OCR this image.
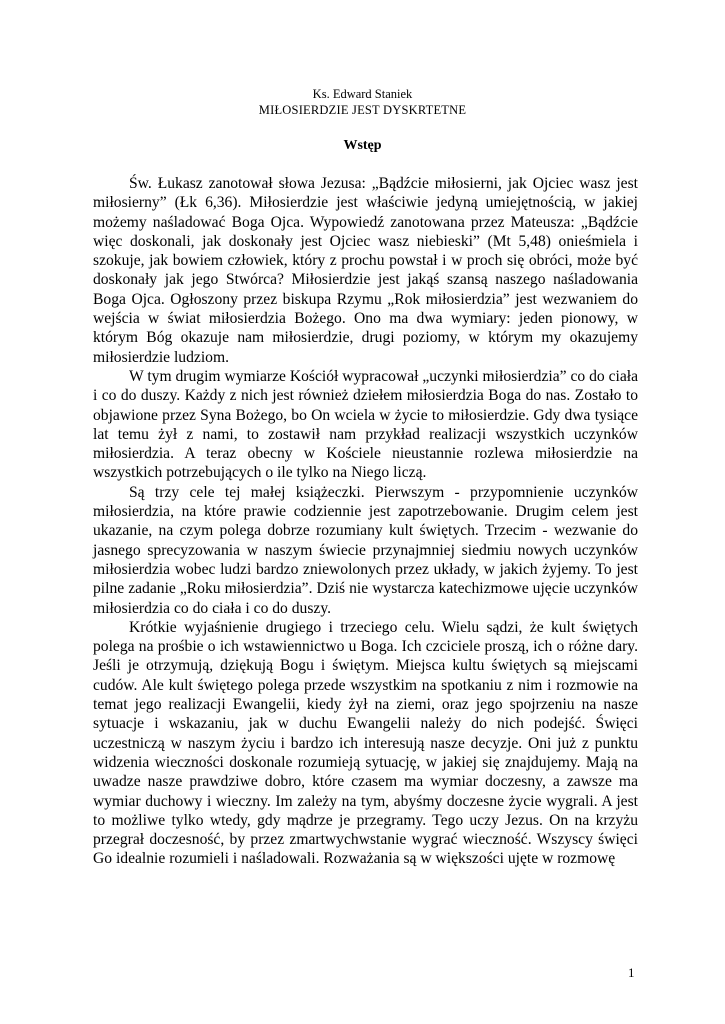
Ks. Edward Staniek
MIŁOSIERDZIE JEST DYSKRTETNE
Wstęp

Św. Łukasz zanotował słowa Jezusa: „Bądźcie miłosierni, jak Ojciec wasz jest miłosierny” (Łk 6,36). Miłosierdzie jest właściwie jedyną umiejętnością, w jakiej możemy naśladować Boga Ojca. Wypowiedź zanotowana przez Mateusza: „Bądźcie więc doskonali, jak doskonały jest Ojciec wasz niebieski” (Mt 5,48) onieśmiela i szokuje, jak bowiem człowiek, który z prochu powstał i w proch się obróci, może być doskonały jak jego Stwórca? Miłosierdzie jest jakąś szansą naszego naśladowania Boga Ojca. Ogłoszony przez biskupa Rzymu „Rok miłosierdzia” jest wezwaniem do wejścia w świat miłosierdzia Bożego. Ono ma dwa wymiary: jeden pionowy, w którym Bóg okazuje nam miłosierdzie, drugi poziomy, w którym my okazujemy miłosierdzie ludziom.

W tym drugim wymiarze Kościół wypracował „uczynki miłosierdzia” co do ciała i co do duszy. Każdy z nich jest również dziełem miłosierdzia Boga do nas. Zostało to objawione przez Syna Bożego, bo On wciela w życie to miłosierdzie. Gdy dwa tysiące lat temu żył z nami, to zostawił nam przykład realizacji wszystkich uczynków miłosierdzia. A teraz obecny w Kościele nieustannie rozlewa miłosierdzie na wszystkich potrzebujących o ile tylko na Niego liczą.

Są trzy cele tej małej książeczki. Pierwszym - przypomnienie uczynków miłosierdzia, na które prawie codziennie jest zapotrzebowanie. Drugim celem jest ukazanie, na czym polega dobrze rozumiany kult świętych. Trzecim - wezwanie do jasnego sprecyzowania w naszym świecie przynajmniej siedmiu nowych uczynków miłosierdzia wobec ludzi bardzo zniewolonych przez układy, w jakich żyjemy. To jest pilne zadanie „Roku miłosierdzia”. Dziś nie wystarcza katechizmowe ujęcie uczynków miłosierdzia co do ciała i co do duszy.

Krótkie wyjaśnienie drugiego i trzeciego celu. Wielu sądzi, że kult świętych polega na prośbie o ich wstawiennictwo u Boga. Ich czciciele proszą, ich o różne dary. Jeśli je otrzymują, dziękują Bogu i świętym. Miejsca kultu świętych są miejscami cudów. Ale kult świętego polega przede wszystkim na spotkaniu z nim i rozmowie na temat jego realizacji Ewangelii, kiedy żył na ziemi, oraz jego spojrzeniu na nasze sytuacje i wskazaniu, jak w duchu Ewangelii należy do nich podejść. Święci uczestniczą w naszym życiu i bardzo ich interesują nasze decyzje. Oni już z punktu widzenia wieczności doskonale rozumieją sytuację, w jakiej się znajdujemy. Mają na uwadze nasze prawdziwe dobro, które czasem ma wymiar doczesny, a zawsze ma wymiar duchowy i wieczny. Im zależy na tym, abyśmy doczesne życie wygrali. A jest to możliwe tylko wtedy, gdy mądrze je przegramy. Tego uczy Jezus. On na krzyżu przegrał doczesność, by przez zmartwychwstanie wygrać wieczność. Wszyscy święci Go idealnie rozumieli i naśladowali. Rozważania są w większości ujęte w rozmowę

1
